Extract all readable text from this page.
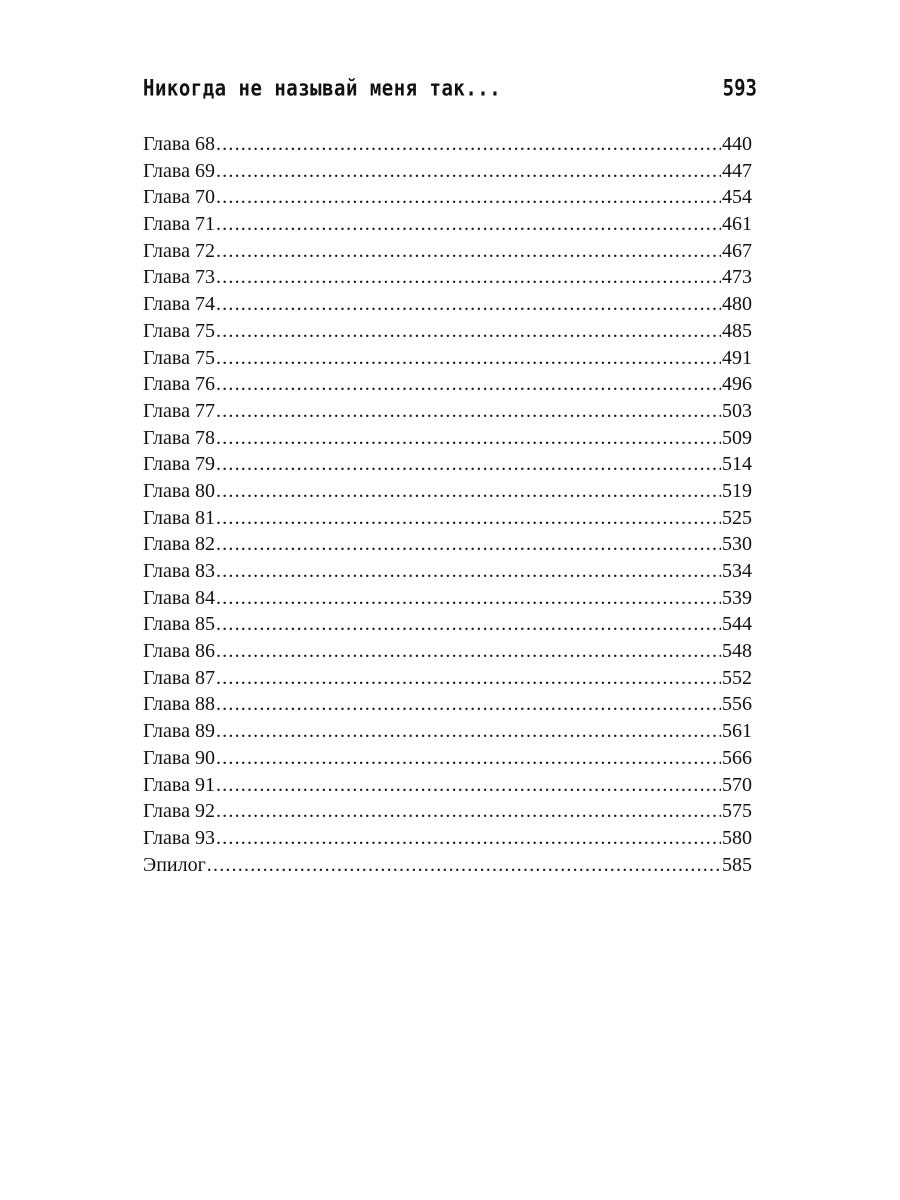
Никогда не называй меня так...	593
Глава 68 .....	440
Глава 69 .....	447
Глава 70 .....	454
Глава 71 .....	461
Глава 72 .....	467
Глава 73 .....	473
Глава 74 .....	480
Глава 75 .....	485
Глава 75 .....	491
Глава 76 .....	496
Глава 77 .....	503
Глава 78 .....	509
Глава 79 .....	514
Глава 80 .....	519
Глава 81 .....	525
Глава 82 .....	530
Глава 83 .....	534
Глава 84 .....	539
Глава 85 .....	544
Глава 86 .....	548
Глава 87 .....	552
Глава 88 .....	556
Глава 89 .....	561
Глава 90 .....	566
Глава 91 .....	570
Глава 92 .....	575
Глава 93 .....	580
Эпилог .....	585
